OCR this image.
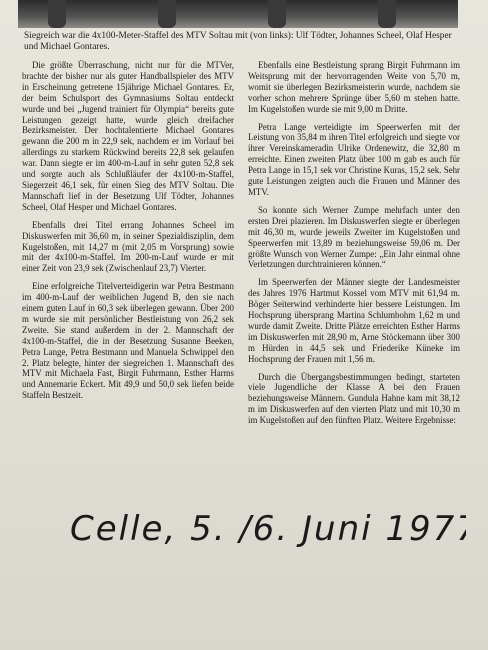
Siegreich war die 4x100-Meter-Staffel des MTV Soltau mit (von links): Ulf Tödter, Johannes Scheel, Olaf Hesper und Michael Gontares.

Die größte Überraschung, nicht nur für die MTVer, brachte der bisher nur als guter Handballspieler des MTV in Erscheinung getretene 15jährige Michael Gontares. Er, der beim Schulsport des Gymnasiums Soltau entdeckt wurde und bei „Jugend trainiert für Olympia“ bereits gute Leistungen gezeigt hatte, wurde gleich dreifacher Bezirksmeister. Der hochtalentierte Michael Gontares gewann die 200 m in 22,9 sek, nachdem er im Vorlauf bei allerdings zu starkem Rückwind bereits 22,8 sek gelaufen war. Dann siegte er im 400-m-Lauf in sehr guten 52,8 sek und sorgte auch als Schlußläufer der 4x100-m-Staffel, Siegerzeit 46,1 sek, für einen Sieg des MTV Soltau. Die Mannschaft lief in der Besetzung Ulf Tödter, Johannes Scheel, Olaf Hesper und Michael Gontares.

Ebenfalls drei Titel errang Johannes Scheel im Diskuswerfen mit 36,60 m, in seiner Spezialdisziplin, dem Kugelstoßen, mit 14,27 m (mit 2,05 m Vorsprung) sowie mit der 4x100-m-Staffel. Im 200-m-Lauf wurde er mit einer Zeit von 23,9 sek (Zwischenlauf 23,7) Vierter.

Eine erfolgreiche Titelverteidigerin war Petra Bestmann im 400-m-Lauf der weiblichen Jugend B, den sie nach einem guten Lauf in 60,3 sek überlegen gewann. Über 200 m wurde sie mit persönlicher Bestleistung von 26,2 sek Zweite. Sie stand außerdem in der 2. Mannschaft der 4x100-m-Staffel, die in der Besetzung Susanne Beeken, Petra Lange, Petra Bestmann und Manuela Schwippel den 2. Platz belegte, hinter der siegreichen 1. Mannschaft des MTV mit Michaela Fast, Birgit Fuhrmann, Esther Harms und Annemarie Eckert. Mit 49,9 und 50,0 sek liefen beide Staffeln Bestzeit.

Ebenfalls eine Bestleistung sprang Birgit Fuhrmann im Weitsprung mit der hervorragenden Weite von 5,70 m, womit sie überlegen Bezirksmeisterin wurde, nachdem sie vorher schon mehrere Sprünge über 5,60 m stehen hatte. Im Kugelstoßen wurde sie mit 9,00 m Dritte.

Petra Lange verteidigte im Speerwerfen mit der Leistung von 35,84 m ihren Titel erfolgreich und siegte vor ihrer Vereinskameradin Ulrike Ordenewitz, die 32,80 m erreichte. Einen zweiten Platz über 100 m gab es auch für Petra Lange in 15,1 sek vor Christine Kuras, 15,2 sek. Sehr gute Leistungen zeigten auch die Frauen und Männer des MTV.

So konnte sich Werner Zumpe mehrfach unter den ersten Drei plazieren. Im Diskuswerfen siegte er überlegen mit 46,30 m, wurde jeweils Zweiter im Kugelstoßen und Speerwerfen mit 13,89 m beziehungsweise 59,06 m. Der größte Wunsch von Werner Zumpe: „Ein Jahr einmal ohne Verletzungen durchtrainieren können.“

Im Speerwerfen der Männer siegte der Landesmeister des Jahres 1976 Hartmut Kossel vom MTV mit 61,94 m. Böger Seiterwind verhinderte hier bessere Leistungen. Im Hochsprung übersprang Martina Schlumbohm 1,62 m und wurde damit Zweite. Dritte Plätze erreichten Esther Harms im Diskuswerfen mit 28,90 m, Arne Stöckemann über 300 m Hürden in 44,5 sek und Friederike Küneke im Hochsprung der Frauen mit 1,56 m.

Durch die Übergangsbestimmungen bedingt, starteten viele Jugendliche der Klasse A bei den Frauen beziehungsweise Männern. Gundula Hahne kam mit 38,12 m im Diskuswerfen auf den vierten Platz und mit 10,30 m im Kugelstoßen auf den fünften Platz. Weitere Ergebnisse:

Celle, 5. /6. Juni 1977
